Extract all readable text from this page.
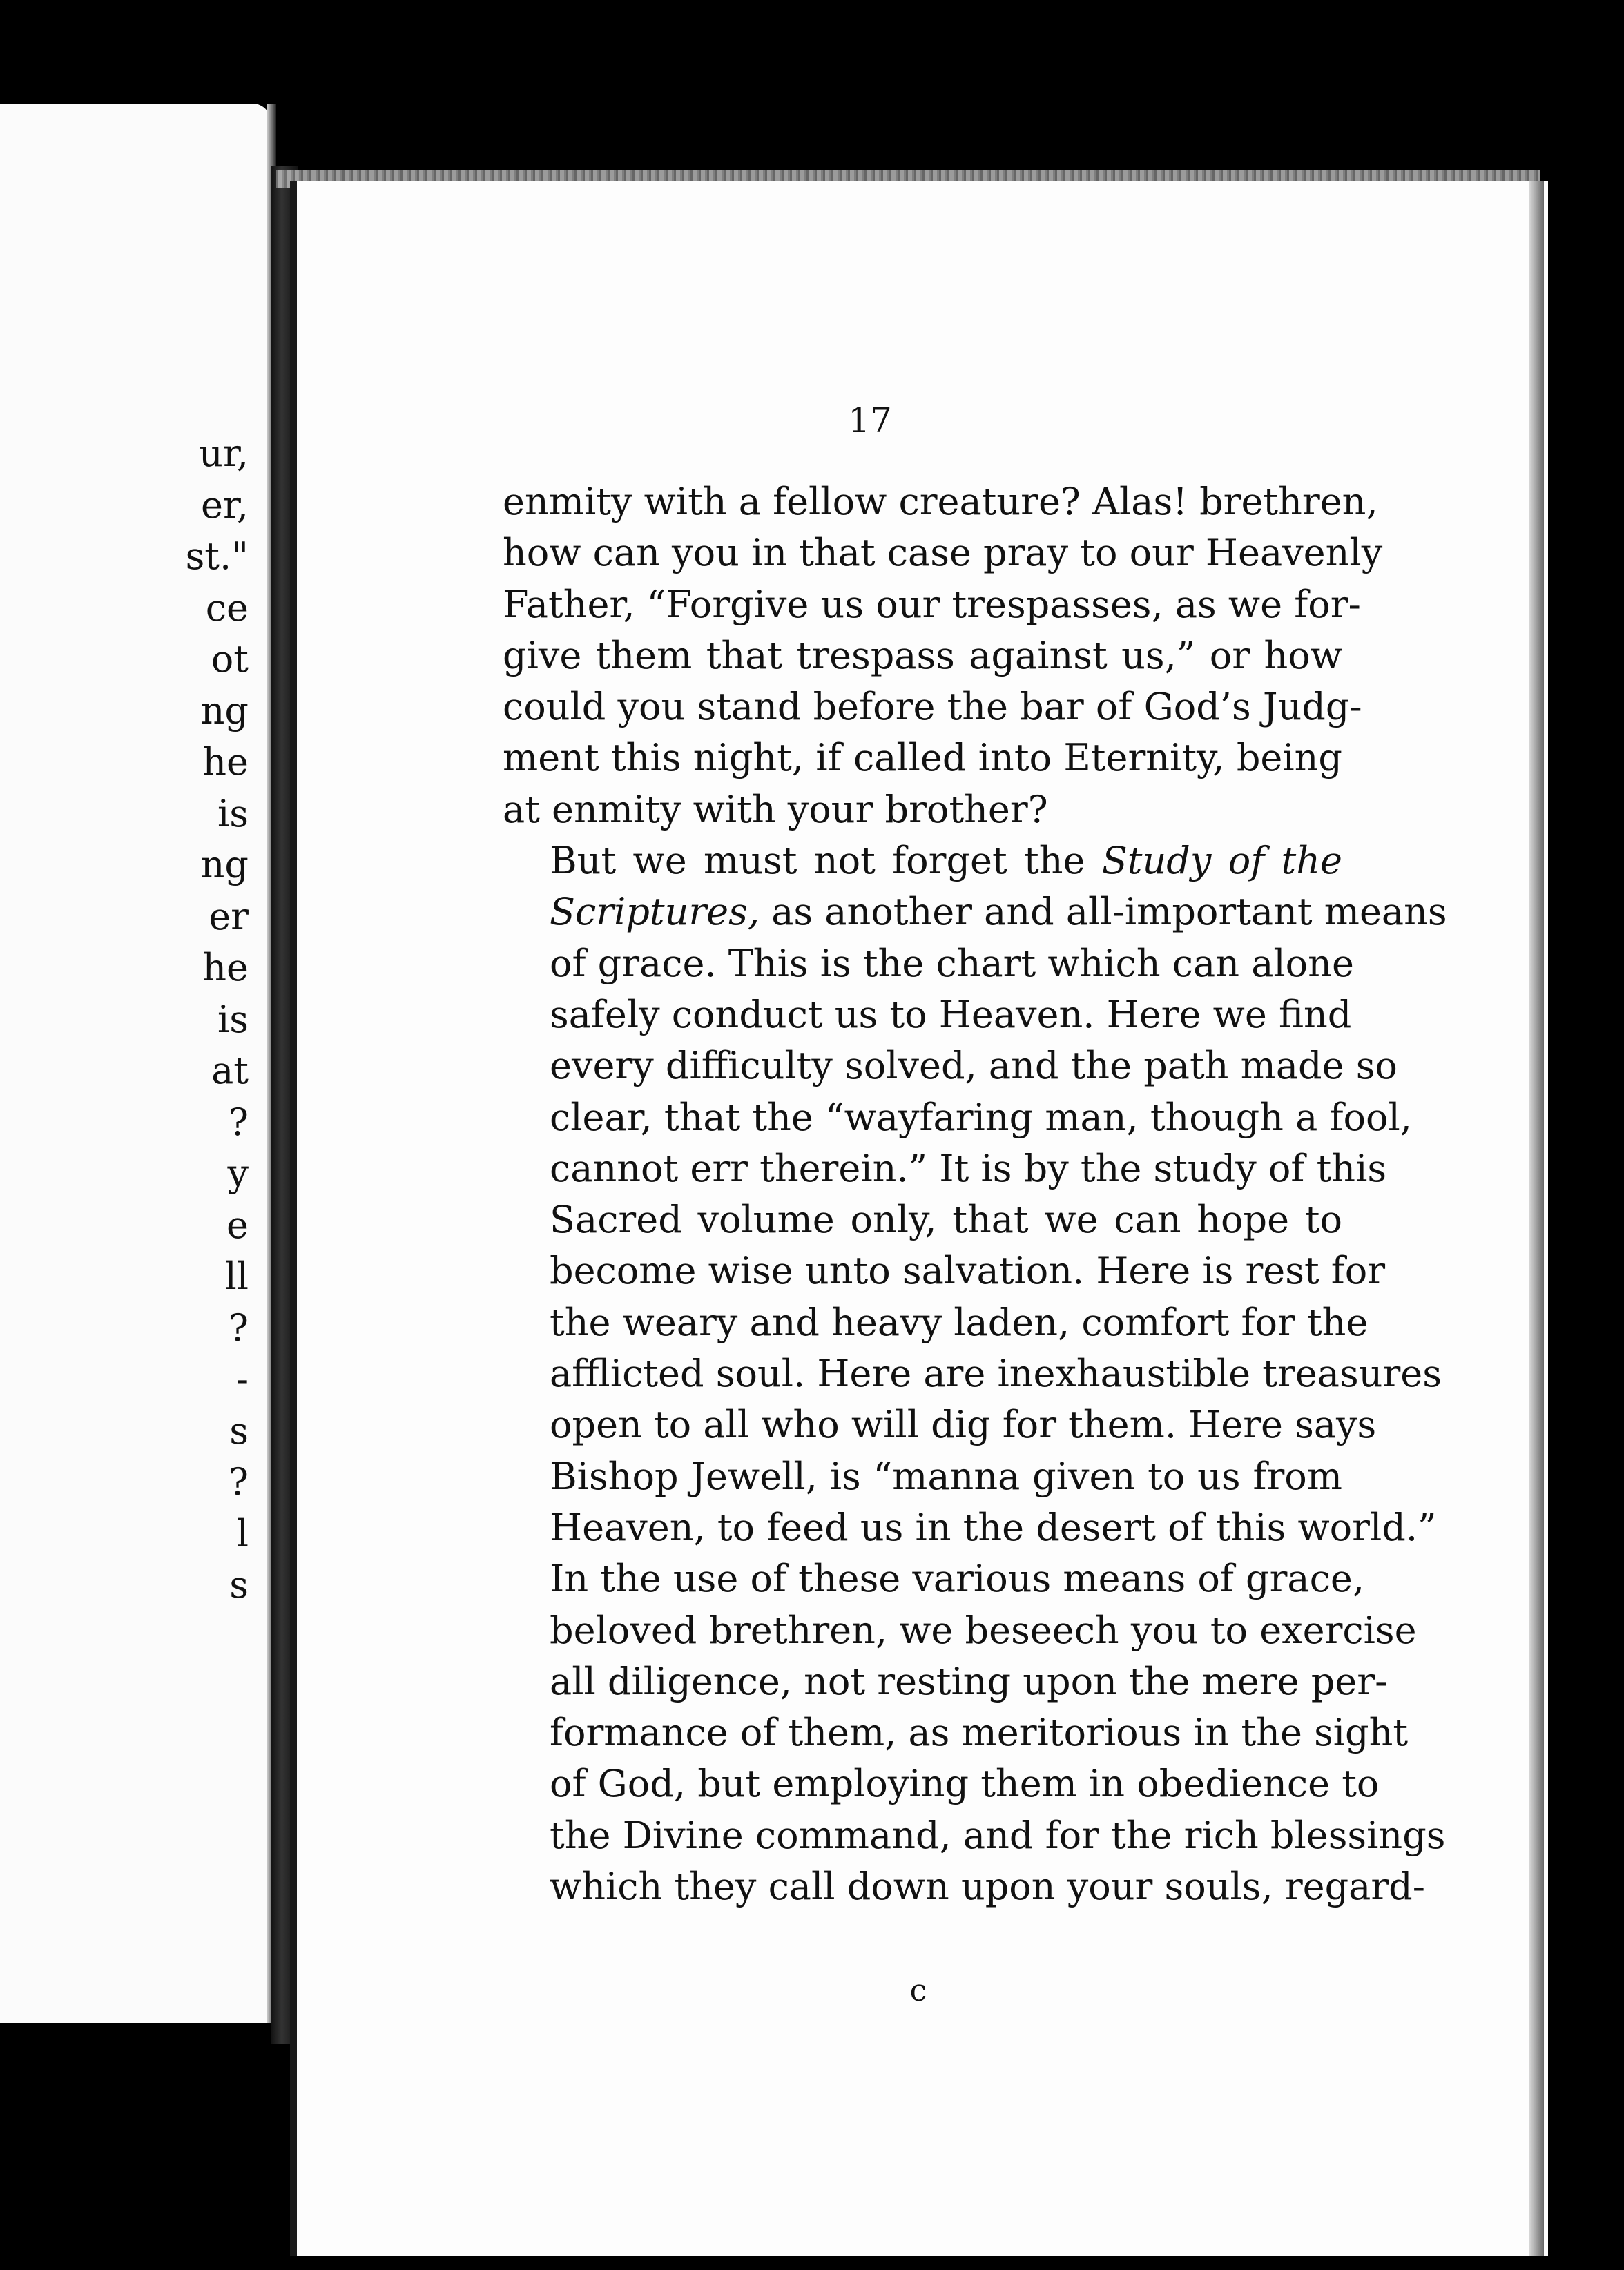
ur,
er,
st."
ce
ot
ng
he
is
ng
er
he
is
at
?
y
e
ll
?
-
s
?
l
s
17

enmity with a fellow creature? Alas! brethren,
how can you in that case pray to our Heavenly
Father, “Forgive us our trespasses, as we for-
give them that trespass against us,” or how
could you stand before the bar of God’s Judg-
ment this night, if called into Eternity, being
at enmity with your brother?

But we must not forget the Study of the
Scriptures, as another and all-important means
of grace. This is the chart which can alone
safely conduct us to Heaven. Here we find
every difficulty solved, and the path made so
clear, that the “wayfaring man, though a fool,
cannot err therein.” It is by the study of this
Sacred volume only, that we can hope to
become wise unto salvation. Here is rest for
the weary and heavy laden, comfort for the
afflicted soul. Here are inexhaustible treasures
open to all who will dig for them. Here says
Bishop Jewell, is “manna given to us from
Heaven, to feed us in the desert of this world.”

In the use of these various means of grace,
beloved brethren, we beseech you to exercise
all diligence, not resting upon the mere per-
formance of them, as meritorious in the sight
of God, but employing them in obedience to
the Divine command, and for the rich blessings
which they call down upon your souls, regard-

c
